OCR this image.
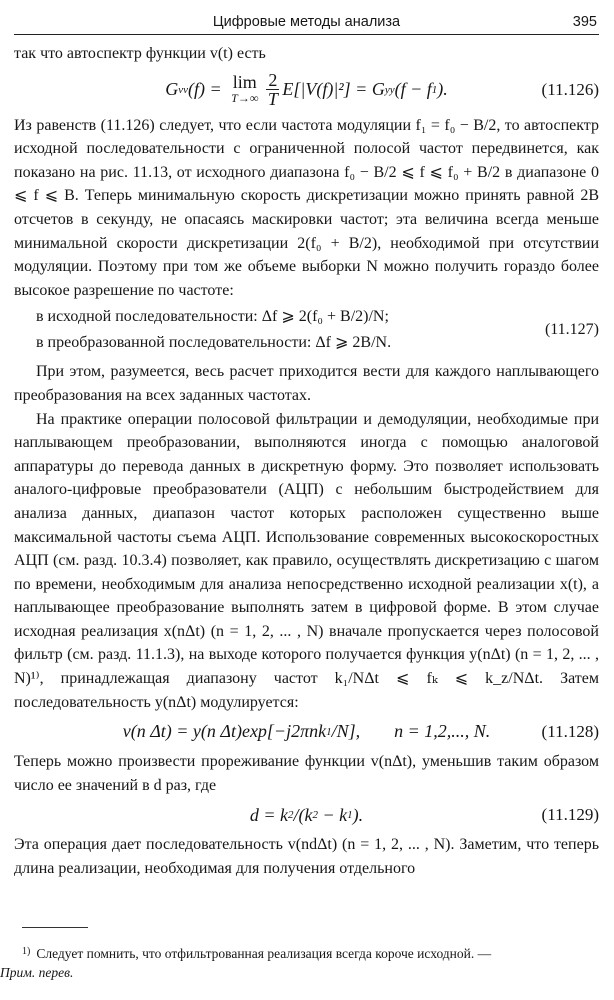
Цифровые методы анализа	395

так что автоспектр функции v(t) есть

G vv (f) = lim
$T\to\infty \frac{2}{T} E[|V(f)|^2] = G$ yy (f − f 1 ).	(11.126)

Из равенств (11.126) следует, что если частота модуляции f₁ = f₀ − B/2, то автоспектр исходной последовательности с ограниченной полосой частот передвинется, как показано на рис. 11.13, от исходного диапазона f₀ − B/2 ⩽ f ⩽ f₀ + B/2 в диапазоне 0 ⩽ f ⩽ B. Теперь минимальную скорость дискретизации можно принять равной 2B отсчетов в секунду, не опасаясь маскировки частот; эта величина всегда меньше минимальной скорости дискретизации 2(f₀ + B/2), необходимой при отсутствии модуляции. Поэтому при том же объеме выборки N можно получить гораздо более высокое разрешение по частоте:

в исходной последовательности: Δf ⩾ 2(f₀ + B/2)/N;
в преобразованной последовательности: Δf ⩾ 2B/N.
(11.127)

При этом, разумеется, весь расчет приходится вести для каждого наплывающего преобразования на всех заданных частотах.

На практике операции полосовой фильтрации и демодуляции, необходимые при наплывающем преобразовании, выполняются иногда с помощью аналоговой аппаратуры до перевода данных в дискретную форму. Это позволяет использовать аналого-цифровые преобразователи (АЦП) с небольшим быстродействием для анализа данных, диапазон частот которых расположен существенно выше максимальной частоты съема АЦП. Использование современных высокоскоростных АЦП (см. разд. 10.3.4) позволяет, как правило, осуществлять дискретизацию с шагом по времени, необходимым для анализа непосредственно исходной реализации x(t), а наплывающее преобразование выполнять затем в цифровой форме. В этом случае исходная реализация x(nΔt) (n = 1, 2, ... , N) вначале пропускается через полосовой фильтр (см. разд. 11.1.3), на выходе которого получается функция y(nΔt) (n = 1, 2, ... , N)¹⁾, принадлежащая диапазону частот k₁/NΔt ⩽ fₖ ⩽ k_z/NΔt. Затем последовательность y(nΔt) модулируется:

v(n Δt) = y(n Δt)exp[−j2πnk 1 /N], n = 1,2,..., N.	(11.128)

Теперь можно произвести прореживание функции v(nΔt), уменьшив таким образом число ее значений в d раз, где

d = k 2 /(k 2 − k 1 ).	(11.129)

Эта операция дает последовательность v(ndΔt) (n = 1, 2, ... , N). Заметим, что теперь длина реализации, необходимая для получения отдельного

$^{1)}$ Следует помнить, что отфильтрованная реализация всегда короче исходной. —
Прим. перев.
